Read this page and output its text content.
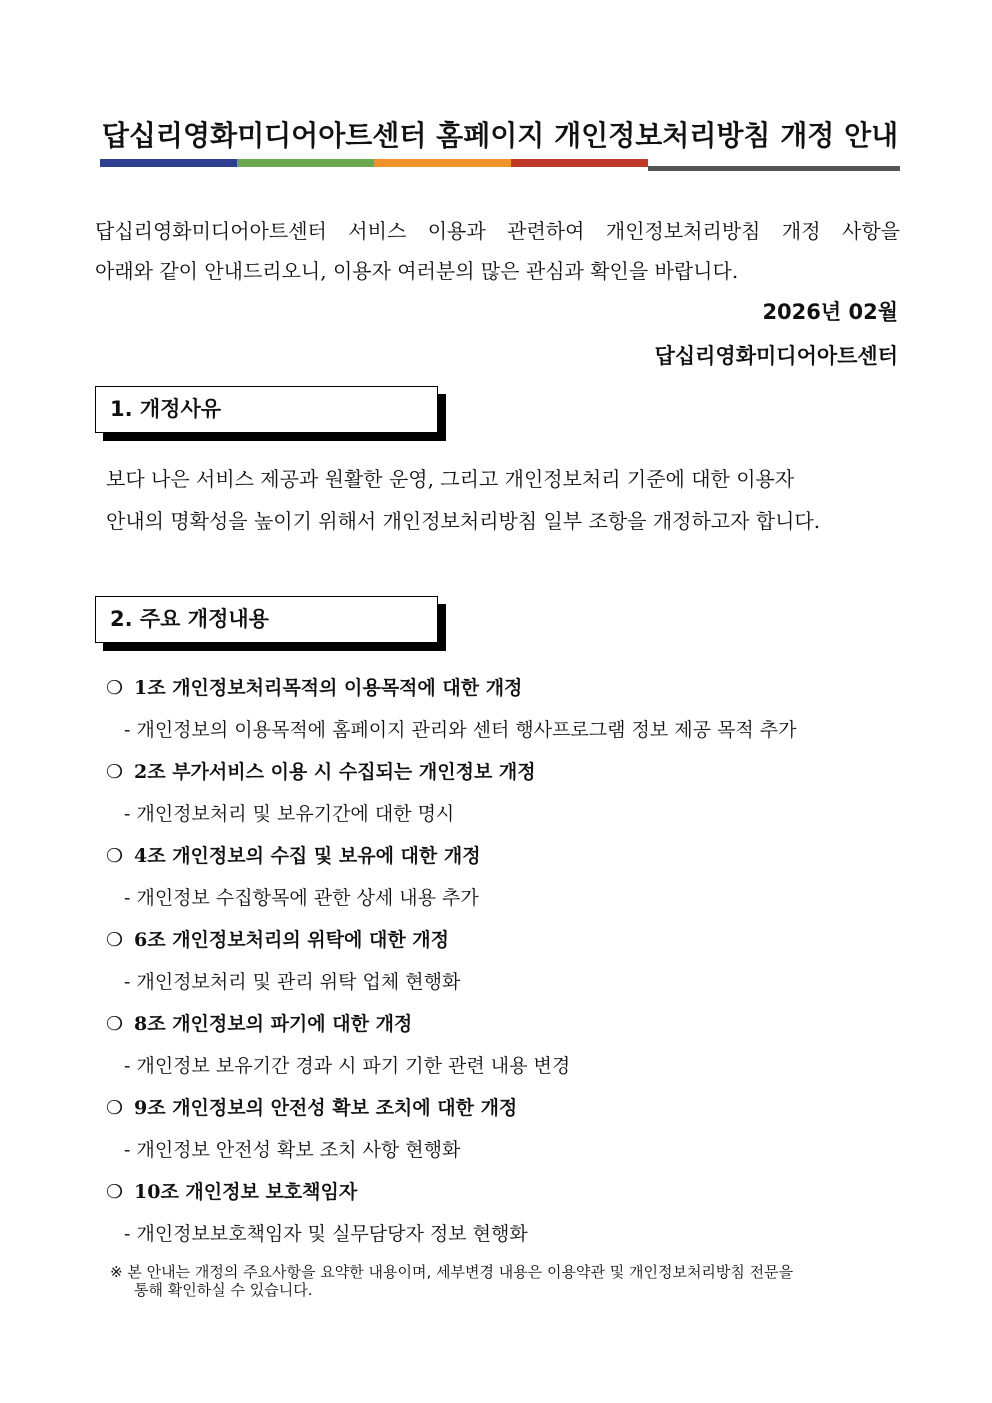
답십리영화미디어아트센터 홈페이지 개인정보처리방침 개정 안내
답십리영화미디어아트센터 서비스 이용과 관련하여 개인정보처리방침 개정 사항을
아래와 같이 안내드리오니, 이용자 여러분의 많은 관심과 확인을 바랍니다.
2026년 02월
답십리영화미디어아트센터
1. 개정사유
보다 나은 서비스 제공과 원활한 운영, 그리고 개인정보처리 기준에 대한 이용자
안내의 명확성을 높이기 위해서 개인정보처리방침 일부 조항을 개정하고자 합니다.
2. 주요 개정내용
❍ 1조 개인정보처리목적의 이용목적에 대한 개정
- 개인정보의 이용목적에 홈페이지 관리와 센터 행사프로그램 정보 제공 목적 추가
❍ 2조 부가서비스 이용 시 수집되는 개인정보 개정
- 개인정보처리 및 보유기간에 대한 명시
❍ 4조 개인정보의 수집 및 보유에 대한 개정
- 개인정보 수집항목에 관한 상세 내용 추가
❍ 6조 개인정보처리의 위탁에 대한 개정
- 개인정보처리 및 관리 위탁 업체 현행화
❍ 8조 개인정보의 파기에 대한 개정
- 개인정보 보유기간 경과 시 파기 기한 관련 내용 변경
❍ 9조 개인정보의 안전성 확보 조치에 대한 개정
- 개인정보 안전성 확보 조치 사항 현행화
❍ 10조 개인정보 보호책임자
- 개인정보보호책임자 및 실무담당자 정보 현행화
※ 본 안내는 개정의 주요사항을 요약한 내용이며, 세부변경 내용은 이용약관 및 개인정보처리방침 전문을
통해 확인하실 수 있습니다.
